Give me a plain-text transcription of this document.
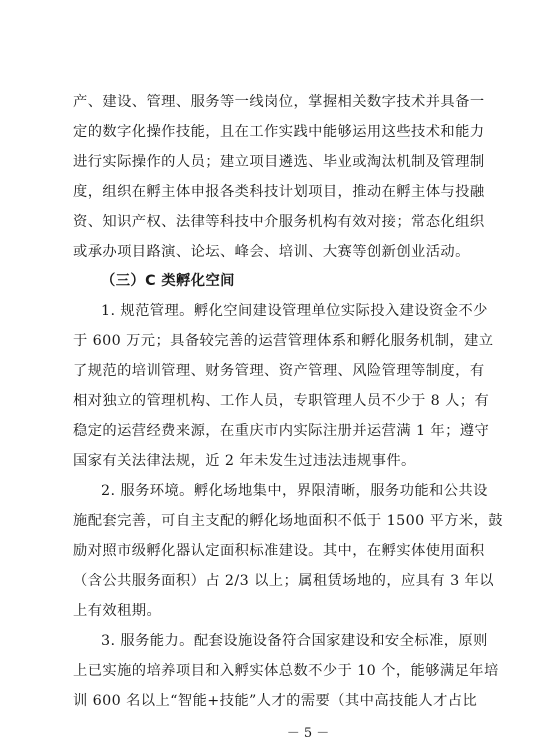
产、建设、管理、服务等一线岗位，掌握相关数字技术并具备一
定的数字化操作技能，且在工作实践中能够运用这些技术和能力
进行实际操作的人员；建立项目遴选、毕业或淘汰机制及管理制
度，组织在孵主体申报各类科技计划项目，推动在孵主体与投融
资、知识产权、法律等科技中介服务机构有效对接；常态化组织
或承办项目路演、论坛、峰会、培训、大赛等创新创业活动。
（三）C 类孵化空间
1. 规范管理。孵化空间建设管理单位实际投入建设资金不少
于 600 万元；具备较完善的运营管理体系和孵化服务机制，建立
了规范的培训管理、财务管理、资产管理、风险管理等制度，有
相对独立的管理机构、工作人员，专职管理人员不少于 8 人；有
稳定的运营经费来源，在重庆市内实际注册并运营满 1 年；遵守
国家有关法律法规，近 2 年未发生过违法违规事件。
2. 服务环境。孵化场地集中，界限清晰，服务功能和公共设
施配套完善，可自主支配的孵化场地面积不低于 1500 平方米，鼓
励对照市级孵化器认定面积标准建设。其中，在孵实体使用面积
（含公共服务面积）占 2/3 以上；属租赁场地的，应具有 3 年以
上有效租期。
3. 服务能力。配套设施设备符合国家建设和安全标准，原则
上已实施的培养项目和入孵实体总数不少于 10 个，能够满足年培
训 600 名以上“智能+技能”人才的需要（其中高技能人才占比
－ 5 －
